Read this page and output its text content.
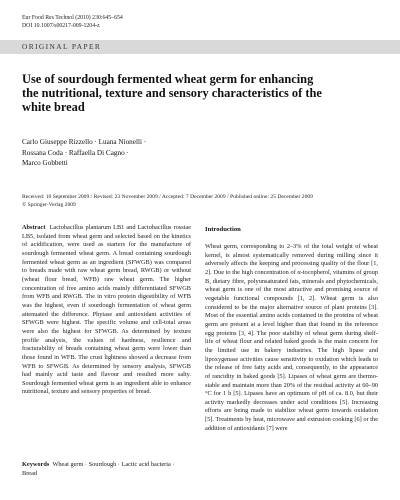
Eur Food Res Technol (2010) 230:645–654
DOI 10.1007/s00217-009-1204-z
ORIGINAL PAPER
Use of sourdough fermented wheat germ for enhancing the nutritional, texture and sensory characteristics of the white bread
Carlo Giuseppe Rizzello · Luana Nionelli ·
Rossana Coda · Raffaella Di Cagno ·
Marco Gobbetti
Received: 10 September 2009 / Revised: 23 November 2009 / Accepted: 7 December 2009 / Published online: 25 December 2009
© Springer-Verlag 2009
Abstract Lactobacillus plantarum LB1 and Lactobacillus rossiae LB5, isolated from wheat germ and selected based on the kinetics of acidification, were used as starters for the manufacture of sourdough fermented wheat germ. A bread containing sourdough fermented wheat germ as an ingredient (SFWGB) was compared to breads made with raw wheat germ bread, RWGB) or without (wheat flour bread, WFB) raw wheat germ. The higher concentration of free amino acids mainly differentiated SFWGB from WFB and RWGB. The in vitro protein digestibility of WFB was the highest, even if sourdough fermentation of wheat germ attenuated the difference. Phytase and antioxidant activities of SFWGB were highest. The specific volume and cell-total areas were also the highest for SFWGB. As determined by texture profile analysis, the values of hardness, resilience and fracturability of breads containing wheat germ were lower than those found in WFB. The crust lightness showed a decrease from WFB to SFWGB. As determined by sensory analysis, SFWGB had mainly acid taste and flavour and resulted more salty. Sourdough fermented wheat germ is an ingredient able to enhance nutritional, texture and sensory properties of bread.
Keywords Wheat germ · Sourdough · Lactic acid bacteria · Bread
Introduction
Wheat germ, corresponding to 2–3% of the total weight of wheat kernel, is almost systematically removed during milling since it adversely affects the keeping and processing quality of the flour [1, 2]. Due to the high concentration of α-tocopherol, vitamins of group B, dietary fibre, polyunsaturated fats, minerals and phytochemicals, wheat germ is one of the most attractive and promising source of vegetable functional compounds [1, 2]. Wheat germ is also considered to be the major alternative source of plant proteins [3]. Most of the essential amino acids contained in the proteins of wheat germ are present at a level higher than that found in the reference egg proteins [3, 4]. The poor stability of wheat germ during shelf-life of wheat flour and related baked goods is the main concern for the limited use in bakery industries. The high lipase and lipoxygenase activities cause sensitivity to oxidation which leads to the release of free fatty acids and, consequently, to the appearance of rancidity in baked goods [5]. Lipases of wheat germ are thermo-stable and maintain more than 20% of the residual activity at 60–90 °C for 1 h [5]. Lipases have an optimum of pH of ca. 8.0, but their activity markedly decreases under acid conditions [5]. Increasing efforts are being made to stabilize wheat germ towards oxidation [5]. Treatments by heat, microwave and extrusion cooking [6] or the addition of antioxidants [7] were
